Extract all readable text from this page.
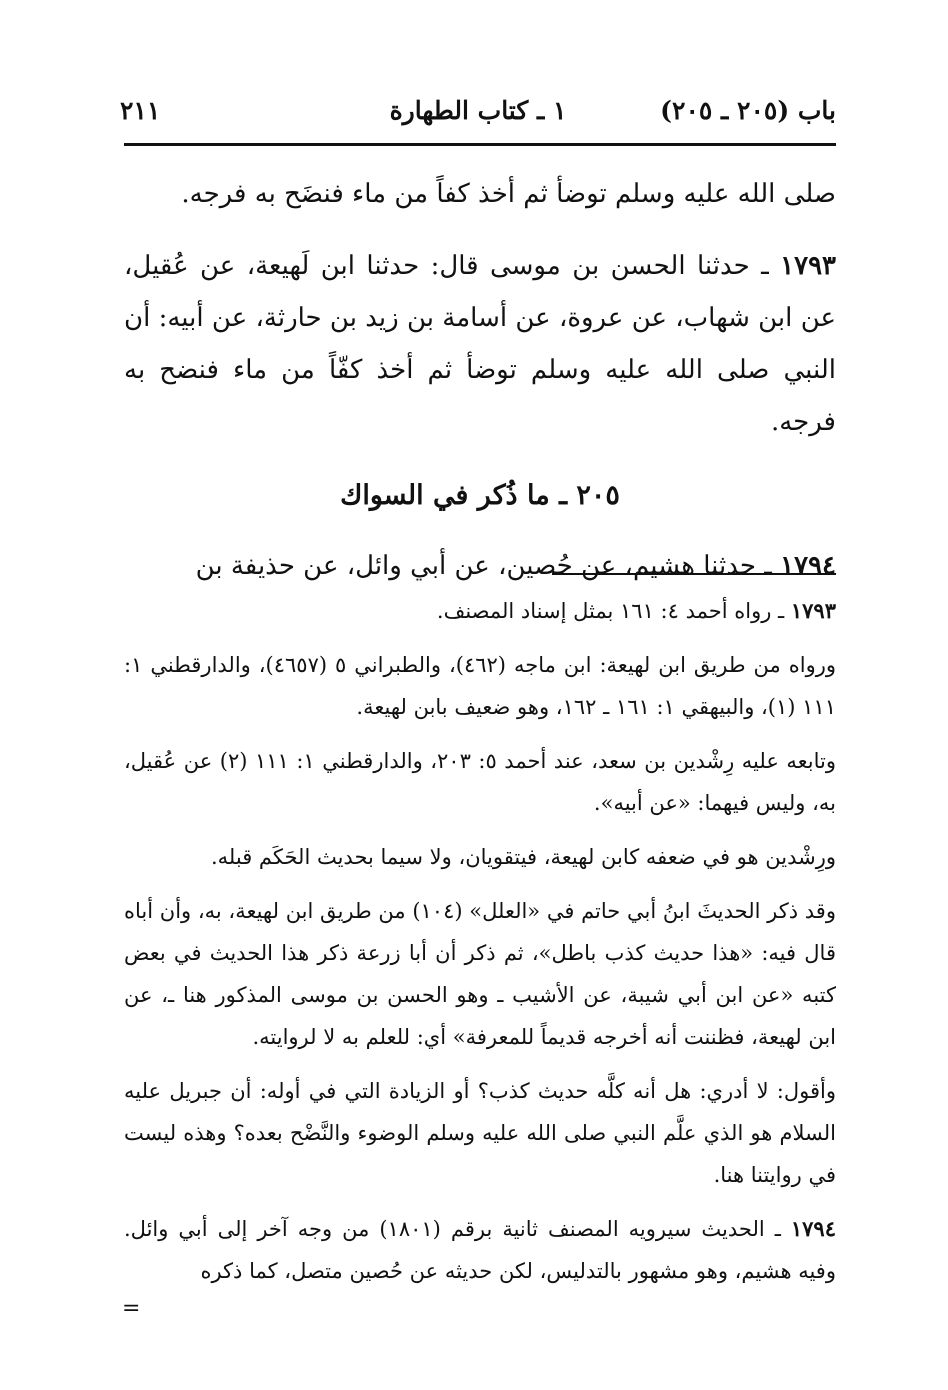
باب (٢٠٥ ـ ٢٠٥)
١ ـ كتاب الطهارة
٢١١

صلى الله عليه وسلم توضأ ثم أخذ كفاً من ماء فنضَح به فرجه.

١٧٩٣ ـ حدثنا الحسن بن موسى قال: حدثنا ابن لَهيعة، عن عُقيل، عن ابن شهاب، عن عروة، عن أسامة بن زيد بن حارثة، عن أبيه: أن النبي صلى الله عليه وسلم توضأ ثم أخذ كفّاً من ماء فنضح به فرجه.

٢٠٥ ـ ما ذُكر في السواك

١٧٩٤ ـ حدثنا هشيم، عن حُصين، عن أبي وائل، عن حذيفة بن

١٧٩٣ ـ رواه أحمد ٤: ١٦١ بمثل إسناد المصنف.

ورواه من طريق ابن لهيعة: ابن ماجه (٤٦٢)، والطبراني ٥ (٤٦٥٧)، والدارقطني ١: ١١١ (١)، والبيهقي ١: ١٦١ ـ ١٦٢، وهو ضعيف بابن لهيعة.

وتابعه عليه رِشْدين بن سعد، عند أحمد ٥: ٢٠٣، والدارقطني ١: ١١١ (٢) عن عُقيل، به، وليس فيهما: «عن أبيه».

ورِشْدين هو في ضعفه كابن لهيعة، فيتقويان، ولا سيما بحديث الحَكَم قبله.

وقد ذكر الحديثَ ابنُ أبي حاتم في «العلل» (١٠٤) من طريق ابن لهيعة، به، وأن أباه قال فيه: «هذا حديث كذب باطل»، ثم ذكر أن أبا زرعة ذكر هذا الحديث في بعض كتبه «عن ابن أبي شيبة، عن الأشيب ـ وهو الحسن بن موسى المذكور هنا ـ، عن ابن لهيعة، فظننت أنه أخرجه قديماً للمعرفة» أي: للعلم به لا لروايته.

وأقول: لا أدري: هل أنه كلَّه حديث كذب؟ أو الزيادة التي في أوله: أن جبريل عليه السلام هو الذي علَّم النبي صلى الله عليه وسلم الوضوء والنَّضْح بعده؟ وهذه ليست في روايتنا هنا.

١٧٩٤ ـ الحديث سيرويه المصنف ثانية برقم (١٨٠١) من وجه آخر إلى أبي وائل. وفيه هشيم، وهو مشهور بالتدليس، لكن حديثه عن حُصين متصل، كما ذكره

=
